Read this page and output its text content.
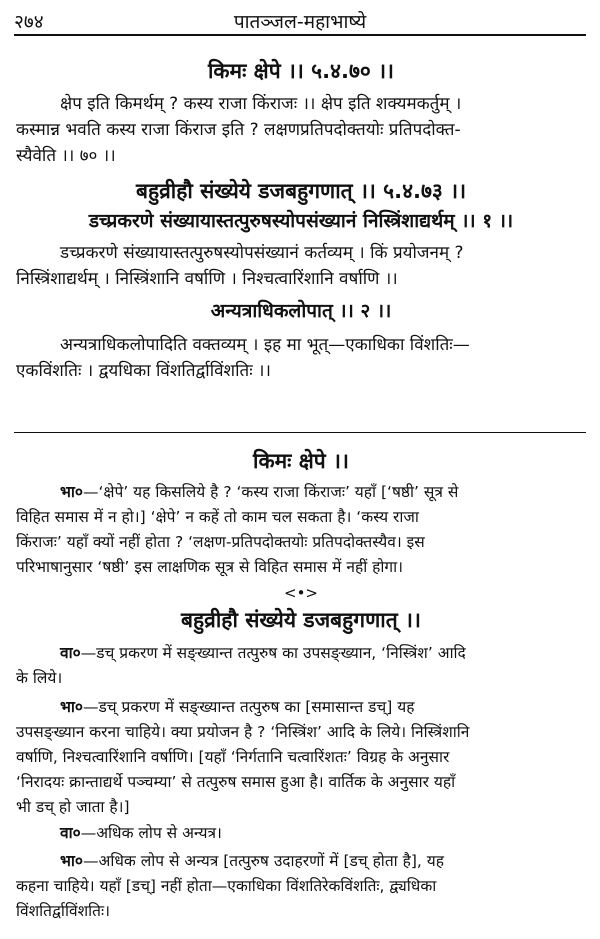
२७४	पातञ्जल-महाभाष्ये
किमः क्षेपे ।। ५.४.७० ।।
क्षेप इति किमर्थम् ? कस्य राजा किंराजः ।। क्षेप इति शक्यमकर्तुम् ।
कस्मान्न भवति कस्य राजा किंराज इति ? लक्षणप्रतिपदोक्तयोः प्रतिपदोक्त-
स्यैवेति ।। ७० ।।
बहुव्रीहौ संख्येये डजबहुगणात् ।। ५.४.७३ ।।
डच्प्रकरणे संख्यायास्तत्पुरुषस्योपसंख्यानं निस्त्रिंशाद्यर्थम् ।। १ ।।
डच्प्रकरणे संख्यायास्तत्पुरुषस्योपसंख्यानं कर्तव्यम् । किं प्रयोजनम् ?
निस्त्रिंशाद्यर्थम् । निस्त्रिंशानि वर्षाणि । निश्चत्वारिंशानि वर्षाणि ।।
अन्यत्राधिकलोपात् ।। २ ।।
अन्यत्राधिकलोपादिति वक्तव्यम् । इह मा भूत्—एकाधिका विंशतिः—
एकविंशतिः । द्वयधिका विंशतिर्द्वाविंशतिः ।।
किमः क्षेपे ।।
भा०—‘क्षेपे’ यह किसलिये है ? ‘कस्य राजा किंराजः’ यहाँ [‘षष्ठी’ सूत्र से
विहित समास में न हो।] ‘क्षेपे’ न कहें तो काम चल सकता है। ‘कस्य राजा
किंराजः’ यहाँ क्यों नहीं होता ? ‘लक्षण-प्रतिपदोक्तयोः प्रतिपदोक्तस्यैव। इस
परिभाषानुसार ‘षष्ठी’ इस लाक्षणिक सूत्र से विहित समास में नहीं होगा।
<•>
बहुव्रीहौ संख्येये डजबहुगणात् ।।
वा०—डच् प्रकरण में सङ्ख्यान्त तत्पुरुष का उपसङ्ख्यान, ‘निस्त्रिंश’ आदि
के लिये।
भा०—डच् प्रकरण में सङ्ख्यान्त तत्पुरुष का [समासान्त डच्] यह
उपसङ्ख्यान करना चाहिये। क्या प्रयोजन है ? ‘निस्त्रिंश’ आदि के लिये। निस्त्रिंशानि
वर्षाणि, निश्चत्वारिंशानि वर्षाणि। [यहाँ ‘निर्गतानि चत्वारिंशतः’ विग्रह के अनुसार
‘निरादयः क्रान्ताद्यर्थे पञ्चम्या’ से तत्पुरुष समास हुआ है। वार्तिक के अनुसार यहाँ
भी डच् हो जाता है।]
वा०—अधिक लोप से अन्यत्र।
भा०—अधिक लोप से अन्यत्र [तत्पुरुष उदाहरणों में [डच् होता है], यह
कहना चाहिये। यहाँ [डच्] नहीं होता—एकाधिका विंशतिरेकविंशतिः, द्व्यधिका
विंशतिर्द्वाविंशतिः।
